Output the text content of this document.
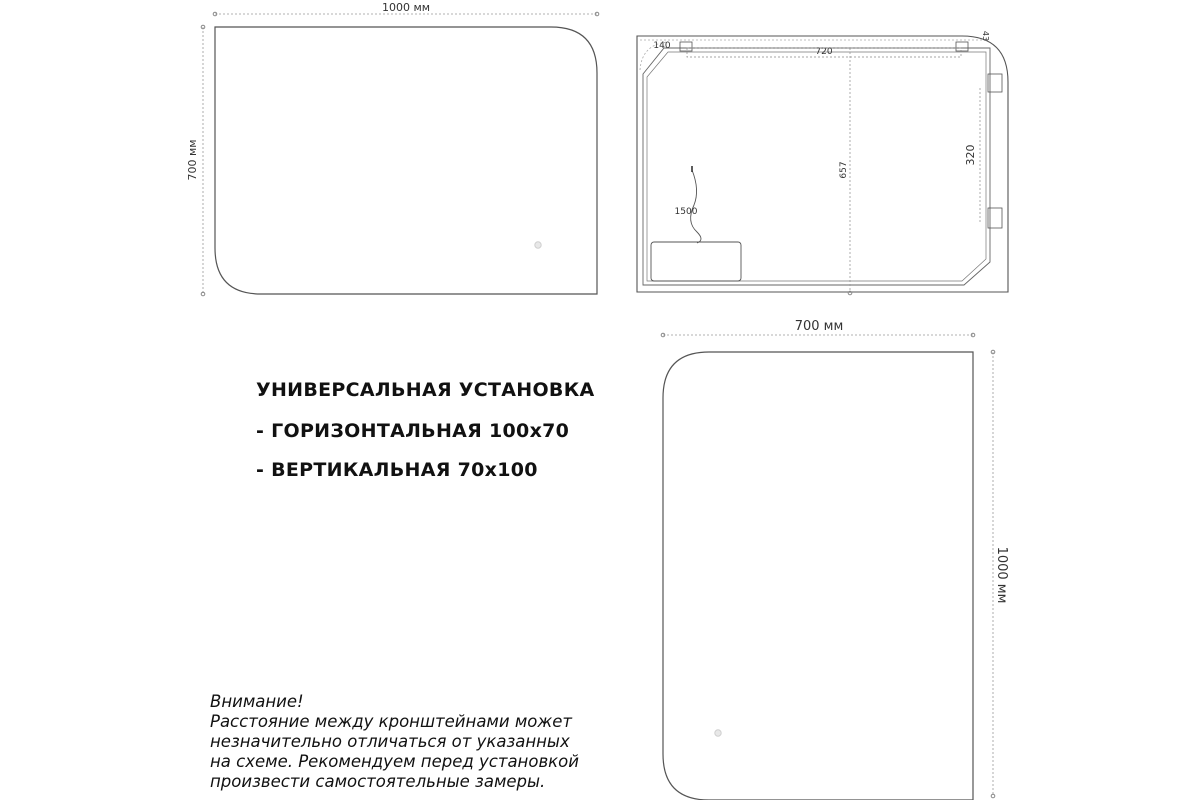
1000 мм
700 мм
140
720
43
320
657
1500
700 мм
1000 мм
УНИВЕРСАЛЬНАЯ УСТАНОВКА
- ГОРИЗОНТАЛЬНАЯ 100х70
- ВЕРТИКАЛЬНАЯ 70х100
Внимание!
Расстояние между кронштейнами может
незначительно отличаться от указанных
на схеме. Рекомендуем перед установкой
произвести самостоятельные замеры.
